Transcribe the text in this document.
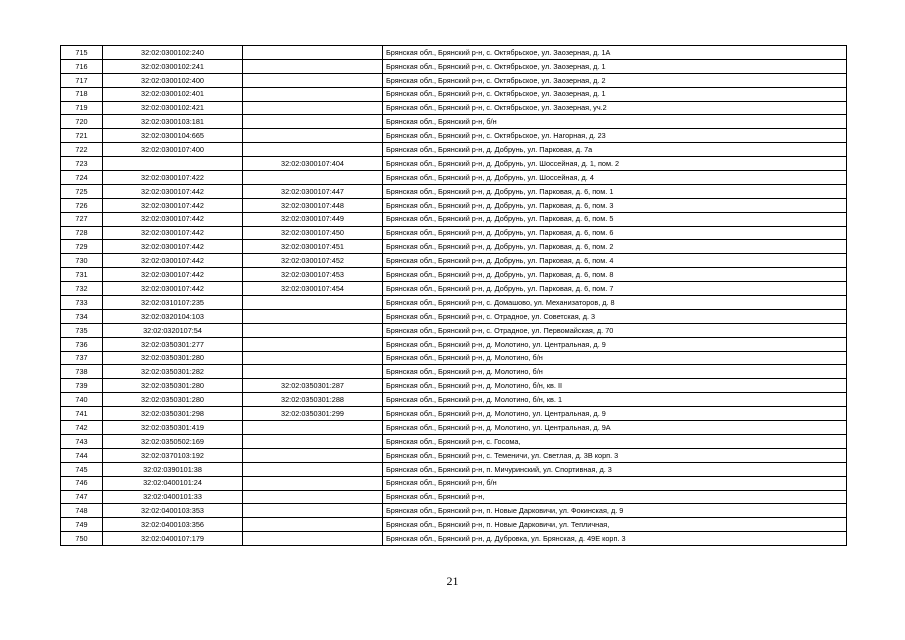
715	32:02:0300102:240		Брянская обл., Брянский р-н, с. Октябрьское, ул. Заозерная, д. 1А
716	32:02:0300102:241		Брянская обл., Брянский р-н, с. Октябрьское, ул. Заозерная, д. 1
717	32:02:0300102:400		Брянская обл., Брянский р-н, с. Октябрьское, ул. Заозерная, д. 2
718	32:02:0300102:401		Брянская обл., Брянский р-н, с. Октябрьское, ул. Заозерная, д. 1
719	32:02:0300102:421		Брянская обл., Брянский р-н, с. Октябрьское, ул. Заозерная, уч.2
720	32:02:0300103:181		Брянская обл., Брянский р-н, б/н
721	32:02:0300104:665		Брянская обл., Брянский р-н, с. Октябрьское, ул. Нагорная, д. 23
722	32:02:0300107:400		Брянская обл., Брянский р-н, д. Добрунь, ул. Парковая, д. 7а
723		32:02:0300107:404	Брянская обл., Брянский р-н, д. Добрунь, ул. Шоссейная, д. 1, пом. 2
724	32:02:0300107:422		Брянская обл., Брянский р-н, д. Добрунь, ул. Шоссейная, д. 4
725	32:02:0300107:442	32:02:0300107:447	Брянская обл., Брянский р-н, д. Добрунь, ул. Парковая, д. 6, пом. 1
726	32:02:0300107:442	32:02:0300107:448	Брянская обл., Брянский р-н, д. Добрунь, ул. Парковая, д. 6, пом. 3
727	32:02:0300107:442	32:02:0300107:449	Брянская обл., Брянский р-н, д. Добрунь, ул. Парковая, д. 6, пом. 5
728	32:02:0300107:442	32:02:0300107:450	Брянская обл., Брянский р-н, д. Добрунь, ул. Парковая, д. 6, пом. 6
729	32:02:0300107:442	32:02:0300107:451	Брянская обл., Брянский р-н, д. Добрунь, ул. Парковая, д. 6, пом. 2
730	32:02:0300107:442	32:02:0300107:452	Брянская обл., Брянский р-н, д. Добрунь, ул. Парковая, д. 6, пом. 4
731	32:02:0300107:442	32:02:0300107:453	Брянская обл., Брянский р-н, д. Добрунь, ул. Парковая, д. 6, пом. 8
732	32:02:0300107:442	32:02:0300107:454	Брянская обл., Брянский р-н, д. Добрунь, ул. Парковая, д. 6, пом. 7
733	32:02:0310107:235		Брянская обл., Брянский р-н, с. Домашово, ул. Механизаторов, д. 8
734	32:02:0320104:103		Брянская обл., Брянский р-н, с. Отрадное, ул. Советская, д. 3
735	32:02:0320107:54		Брянская обл., Брянский р-н, с. Отрадное, ул. Первомайская, д. 70
736	32:02:0350301:277		Брянская обл., Брянский р-н, д. Молотино, ул. Центральная, д. 9
737	32:02:0350301:280		Брянская обл., Брянский р-н, д. Молотино, б/н
738	32:02:0350301:282		Брянская обл., Брянский р-н, д. Молотино, б/н
739	32:02:0350301:280	32:02:0350301:287	Брянская обл., Брянский р-н, д. Молотино, б/н, кв. II
740	32:02:0350301:280	32:02:0350301:288	Брянская обл., Брянский р-н, д. Молотино, б/н, кв. 1
741	32:02:0350301:298	32:02:0350301:299	Брянская обл., Брянский р-н, д. Молотино, ул. Центральная, д. 9
742	32:02:0350301:419		Брянская обл., Брянский р-н, д. Молотино, ул. Центральная, д. 9А
743	32:02:0350502:169		Брянская обл., Брянский р-н, с. Госома,
744	32:02:0370103:192		Брянская обл., Брянский р-н, с. Теменичи, ул. Светлая, д. 3В корп. 3
745	32:02:0390101:38		Брянская обл., Брянский р-н, п. Мичуринский, ул. Спортивная, д. 3
746	32:02:0400101:24		Брянская обл., Брянский р-н, б/н
747	32:02:0400101:33		Брянская обл., Брянский р-н,
748	32:02:0400103:353		Брянская обл., Брянский р-н, п. Новые Дарковичи, ул. Фокинская, д. 9
749	32:02:0400103:356		Брянская обл., Брянский р-н, п. Новые Дарковичи, ул. Тепличная,
750	32:02:0400107:179		Брянская обл., Брянский р-н, д. Дубровка, ул. Брянская, д. 49Е корп. 3
21
